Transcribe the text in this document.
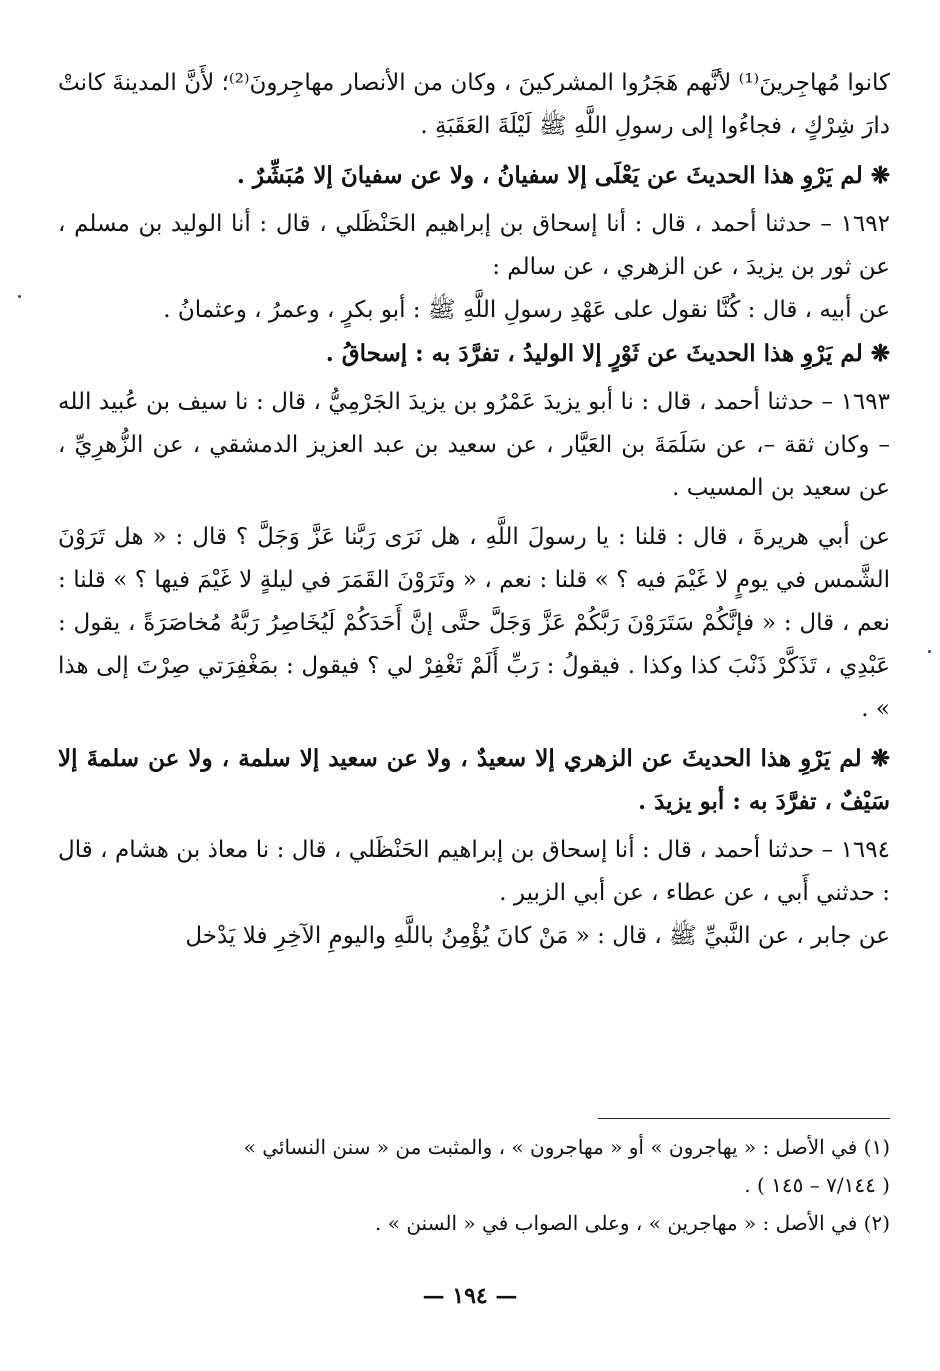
كانوا مُهاجِرينَ⁽¹⁾ لأنَّهم هَجَرُوا المشركينَ ، وكان من الأنصار مهاجِرونَ⁽²⁾؛ لأَنَّ المدينةَ كانتْ دارَ شِرْكٍ ، فجاءُوا إلى رسولِ اللَّهِ ﷺ لَيْلَةَ العَقَبَةِ .

❋ لم يَرْوِ هذا الحديثَ عن يَعْلَى إلا سفيانُ ، ولا عن سفيانَ إلا مُبَشِّرٌ .

١٦٩٢ – حدثنا أحمد ، قال : أنا إسحاق بن إبراهيم الحَنْظَلي ، قال : أنا الوليد بن مسلم ، عن ثور بن يزيدَ ، عن الزهري ، عن سالم :

عن أبيه ، قال : كُنَّا نقول على عَهْدِ رسولِ اللَّهِ ﷺ : أبو بكرٍ ، وعمرُ ، وعثمانُ .

❋ لم يَرْوِ هذا الحديثَ عن ثَوْرٍ إلا الوليدُ ، تفرَّدَ به : إسحاقُ .

١٦٩٣ – حدثنا أحمد ، قال : نا أبو يزيدَ عَمْرُو بن يزيدَ الجَرْمِيُّ ، قال : نا سيف بن عُبيد الله – وكان ثقة –، عن سَلَمَةَ بن العَيَّار ، عن سعيد بن عبد العزيز الدمشقي ، عن الزُّهرِيِّ ، عن سعيد بن المسيب .

عن أبي هريرةَ ، قال : قلنا : يا رسولَ اللَّهِ ، هل نَرَى رَبَّنا عَزَّ وَجَلَّ ؟ قال : « هل تَرَوْنَ الشَّمس في يومٍ لا غَيْمَ فيه ؟ » قلنا : نعم ، « وتَرَوْنَ القَمَرَ في ليلةٍ لا غَيْمَ فيها ؟ » قلنا : نعم ، قال : « فإنَّكُمْ سَتَرَوْنَ رَبَّكُمْ عَزَّ وَجَلَّ حتَّى إنَّ أَحَدَكُمْ لَيُخَاصِرُ رَبَّهُ مُخاصَرَةً ، يقول : عَبْدِي ، تَذَكَّرْ ذَنْبَ كذا وكذا . فيقولُ : رَبِّ أَلَمْ تَغْفِرْ لي ؟ فيقول : بمَغْفِرَتي صِرْتَ إلى هذا » .

❋ لم يَرْوِ هذا الحديثَ عن الزهري إلا سعيدٌ ، ولا عن سعيد إلا سلمة ، ولا عن سلمةَ إلا سَيْفٌ ، تفرَّدَ به : أبو يزيدَ .

١٦٩٤ – حدثنا أحمد ، قال : أنا إسحاق بن إبراهيم الحَنْظَلي ، قال : نا معاذ بن هشام ، قال : حدثني أَبي ، عن عطاء ، عن أبي الزبير .

عن جابر ، عن النَّبيِّ ﷺ ، قال : « مَنْ كانَ يُؤْمِنُ باللَّهِ واليومِ الآخِرِ فلا يَدْخل

(١) في الأصل : « يهاجرون » أو « مهاجرون » ، والمثبت من « سنن النسائي »

( ٧/١٤٤ – ١٤٥ ) .

(٢) في الأصل : « مهاجرين » ، وعلى الصواب في « السنن » .

— ١٩٤ —
